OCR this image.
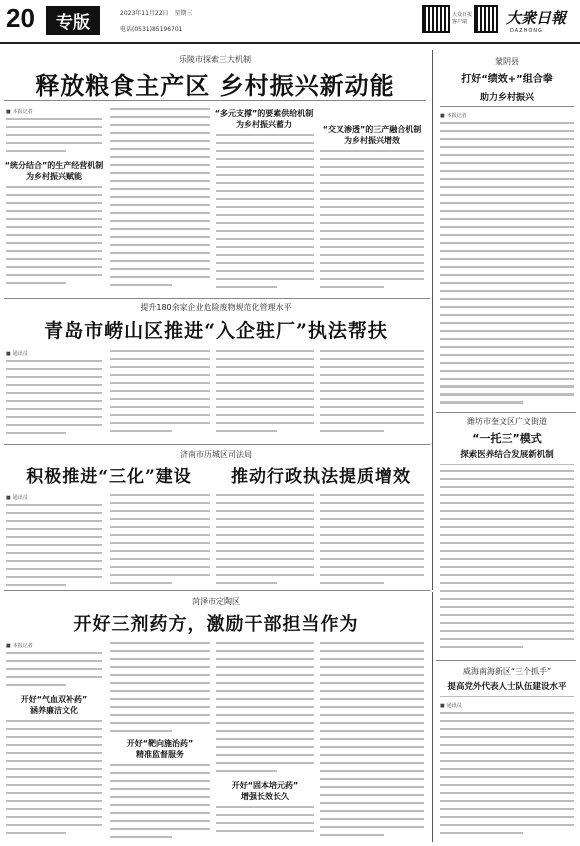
20	专版	2023年11月22日　星期三
电话(0531)85196701
大众日报客户端	大衆日報
DAZHONG
乐陵市探索三大机制
释放粮食主产区 乡村振兴新动能
■ 本报记者
“统分结合”的生产经营机制
为乡村振兴赋能
“多元支撑”的要素供给机制
为乡村振兴蓄力
“交叉渗透”的三产融合机制
为乡村振兴增效
蒙阴县
打好“绩效+”组合拳
助力乡村振兴
■ 本报记者
提升180余家企业危险废物规范化管理水平
青岛市崂山区推进“入企驻厂”执法帮扶
■ 通讯员
济南市历城区司法局
积极推进“三化”建设	推动行政执法提质增效
■ 通讯员
潍坊市奎文区广文街道
“一托三”模式
探索医养结合发展新机制
菏泽市定陶区
开好三剂药方，激励干部担当作为
■ 本报记者
开好“气血双补药”
涵养廉洁文化
开好“靶向施治药”
精准监督服务
开好“固本培元药”
增强长效长久
威海南海新区“三个抓手”
提高党外代表人士队伍建设水平
■ 通讯员
